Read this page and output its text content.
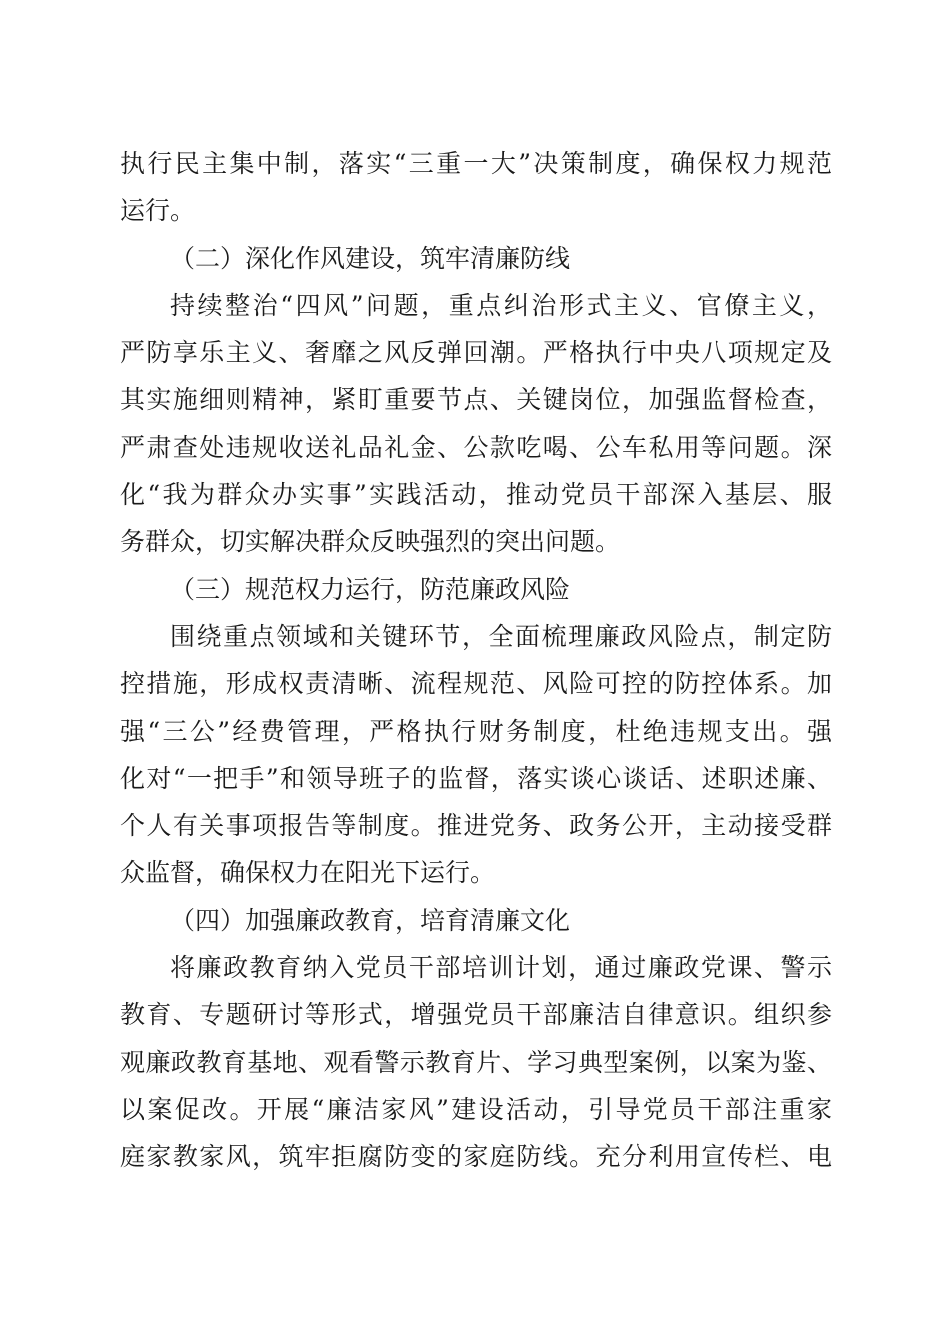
执行民主集中制，落实“三重一大”决策制度，确保权力规范
运行。
（二）深化作风建设，筑牢清廉防线
持续整治“四风”问题，重点纠治形式主义、官僚主义，
严防享乐主义、奢靡之风反弹回潮。严格执行中央八项规定及
其实施细则精神，紧盯重要节点、关键岗位，加强监督检查，
严肃查处违规收送礼品礼金、公款吃喝、公车私用等问题。深
化“我为群众办实事”实践活动，推动党员干部深入基层、服
务群众，切实解决群众反映强烈的突出问题。
（三）规范权力运行，防范廉政风险
围绕重点领域和关键环节，全面梳理廉政风险点，制定防
控措施，形成权责清晰、流程规范、风险可控的防控体系。加
强“三公”经费管理，严格执行财务制度，杜绝违规支出。强
化对“一把手”和领导班子的监督，落实谈心谈话、述职述廉、
个人有关事项报告等制度。推进党务、政务公开，主动接受群
众监督，确保权力在阳光下运行。
（四）加强廉政教育，培育清廉文化
将廉政教育纳入党员干部培训计划，通过廉政党课、警示
教育、专题研讨等形式，增强党员干部廉洁自律意识。组织参
观廉政教育基地、观看警示教育片、学习典型案例，以案为鉴、
以案促改。开展“廉洁家风”建设活动，引导党员干部注重家
庭家教家风，筑牢拒腐防变的家庭防线。充分利用宣传栏、电
